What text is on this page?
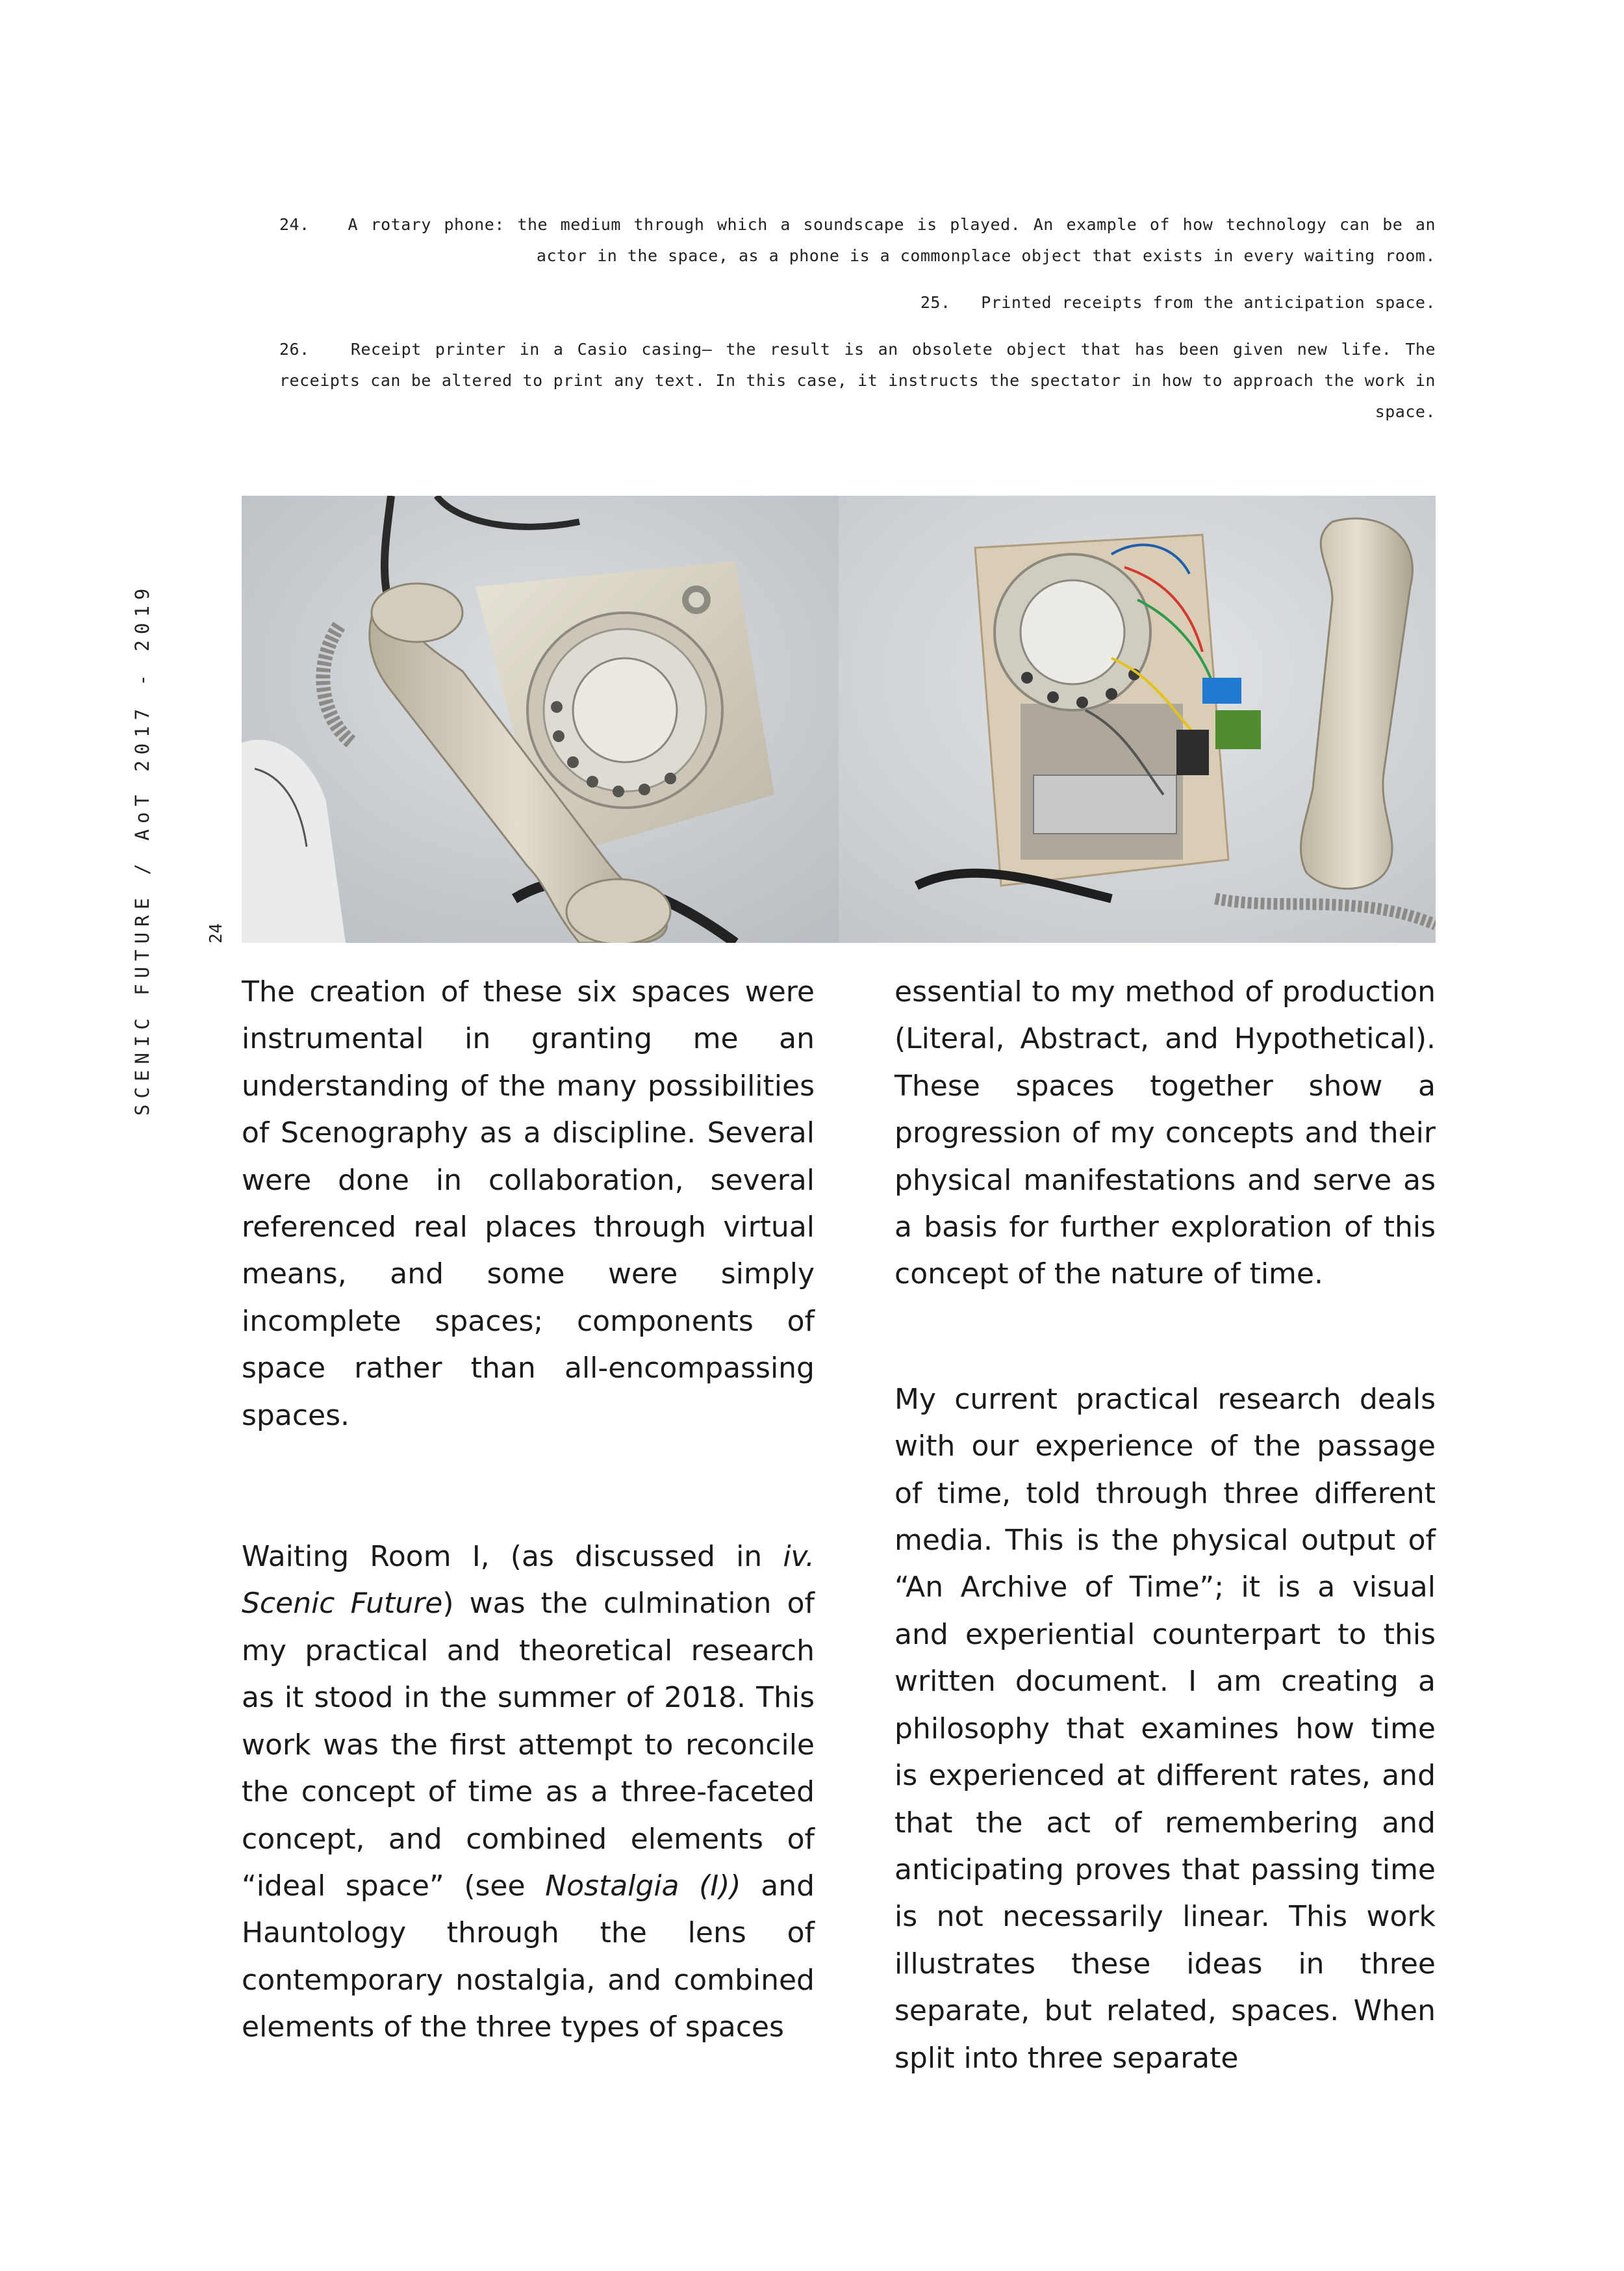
24. A rotary phone: the medium through which a soundscape is played. An example of how technology can be an actor in the space, as a phone is a commonplace object that exists in every waiting room.

25. Printed receipts from the anticipation space.

26.	Receipt printer in a Casio casing— the result is an obsolete object that has been given new life. The receipts can be altered to print any text. In this case, it instructs the spectator in how to approach the work in space.

SCENIC FUTURE / AoT 2017 - 2019	24

The creation of these six spaces were instrumental in granting me an understanding of the many possibilities of Scenography as a discipline. Several were done in collaboration, several referenced real places through virtual means, and some were simply incomplete spaces; components of space rather than all-encompassing spaces.

Waiting Room I, (as discussed in iv. Scenic Future) was the culmination of my practical and theoretical research as it stood in the summer of 2018. This work was the first attempt to reconcile the concept of time as a three-faceted concept, and combined elements of “ideal space” (see Nostalgia (I)) and Hauntology through the lens of contemporary nostalgia, and combined elements of the three types of spaces

essential to my method of production (Literal, Abstract, and Hypothetical). These spaces together show a progression of my concepts and their physical manifestations and serve as a basis for further exploration of this concept of the nature of time.

My current practical research deals with our experience of the passage of time, told through three different media. This is the physical output of “An Archive of Time”; it is a visual and experiential counterpart to this written document. I am creating a philosophy that examines how time is experienced at different rates, and that the act of remembering and anticipating proves that passing time is not necessarily linear. This work illustrates these ideas in three separate, but related, spaces. When split into three separate
